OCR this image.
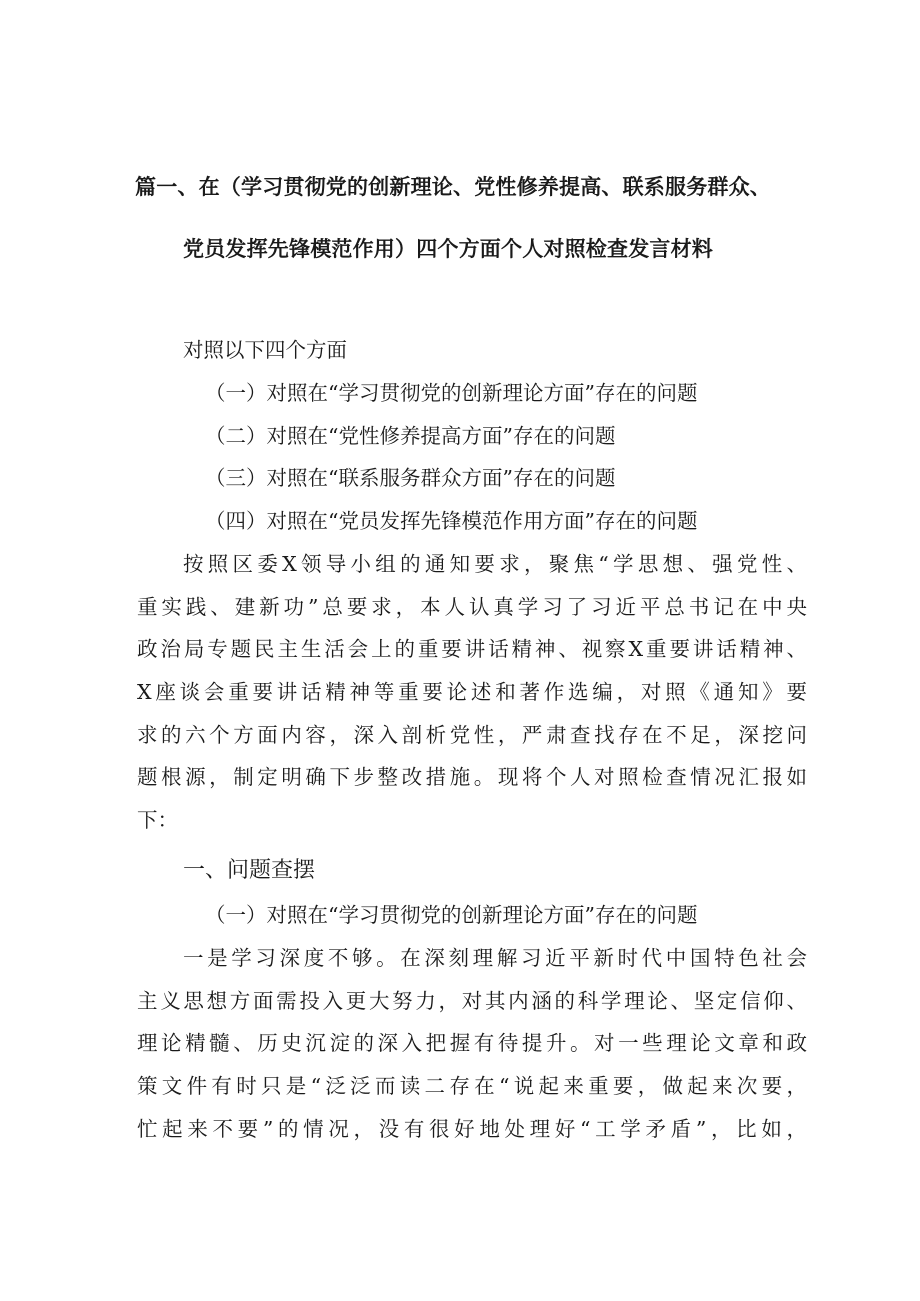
篇一、在（学习贯彻党的创新理论、党性修养提高、联系服务群众、
党员发挥先锋模范作用）四个方面个人对照检查发言材料
对照以下四个方面
（一）对照在“学习贯彻党的创新理论方面”存在的问题
（二）对照在“党性修养提高方面”存在的问题
（三）对照在“联系服务群众方面”存在的问题
（四）对照在“党员发挥先锋模范作用方面”存在的问题
按照区委X领导小组的通知要求，聚焦“学思想、强党性、
重实践、建新功”总要求，本人认真学习了习近平总书记在中央
政治局专题民主生活会上的重要讲话精神、视察X重要讲话精神、
X座谈会重要讲话精神等重要论述和著作选编，对照《通知》要
求的六个方面内容，深入剖析党性，严肃查找存在不足，深挖问
题根源，制定明确下步整改措施。现将个人对照检查情况汇报如
下：
一、问题查摆
（一）对照在“学习贯彻党的创新理论方面”存在的问题
一是学习深度不够。在深刻理解习近平新时代中国特色社会
主义思想方面需投入更大努力，对其内涵的科学理论、坚定信仰、
理论精髓、历史沉淀的深入把握有待提升。对一些理论文章和政
策文件有时只是“泛泛而读二存在“说起来重要，做起来次要，
忙起来不要”的情况，没有很好地处理好“工学矛盾”，比如，
